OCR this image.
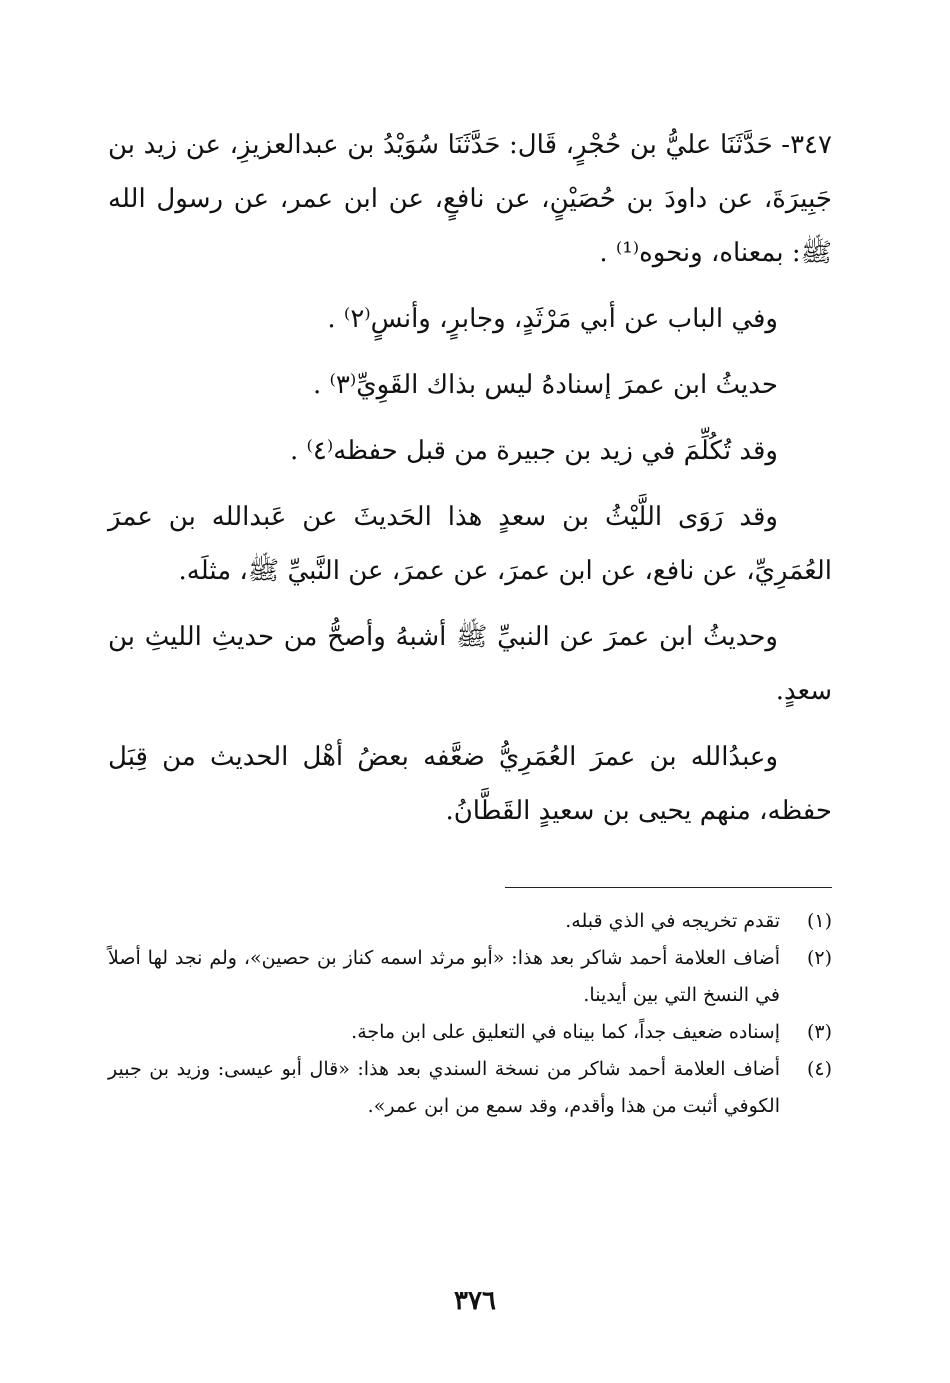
٣٤٧- حَدَّثَنَا عليُّ بن حُجْرٍ، قَال: حَدَّثَنَا سُوَيْدُ بن عبدالعزيزِ، عن زيد بن جَبِيرَةَ، عن داودَ بن حُصَيْنٍ، عن نافعٍ، عن ابن عمر، عن رسول الله ﷺ: بمعناه، ونحوه⁽¹⁾ .

وفي الباب عن أبي مَرْثَدٍ، وجابرٍ، وأنسٍ⁽٢⁾ .

حديثُ ابن عمرَ إسنادهُ ليس بذاك القَوِيِّ⁽٣⁾ .

وقد تُكُلِّمَ في زيد بن جبيرة من قبل حفظه⁽٤⁾ .

وقد رَوَى اللَّيْثُ بن سعدٍ هذا الحَديثَ عن عَبدالله بن عمرَ العُمَرِيِّ، عن نافع، عن ابن عمرَ، عن عمرَ، عن النَّبيِّ ﷺ، مثلَه.

وحديثُ ابن عمرَ عن النبيِّ ﷺ أشبهُ وأصحُّ من حديثِ الليثِ بن سعدٍ.

وعبدُالله بن عمرَ العُمَرِيُّ ضعَّفه بعضُ أهْل الحديث من قِبَل حفظه، منهم يحيى بن سعيدٍ القَطَّانُ.

(١)
تقدم تخريجه في الذي قبله.
(٢)
أضاف العلامة أحمد شاكر بعد هذا: «أبو مرثد اسمه كناز بن حصين»، ولم نجد لها أصلاً في النسخ التي بين أيدينا.
(٣)
إسناده ضعيف جداً، كما بيناه في التعليق على ابن ماجة.
(٤)
أضاف العلامة أحمد شاكر من نسخة السندي بعد هذا: «قال أبو عيسى: وزيد بن جبير الكوفي أثبت من هذا وأقدم، وقد سمع من ابن عمر».
٣٧٦
